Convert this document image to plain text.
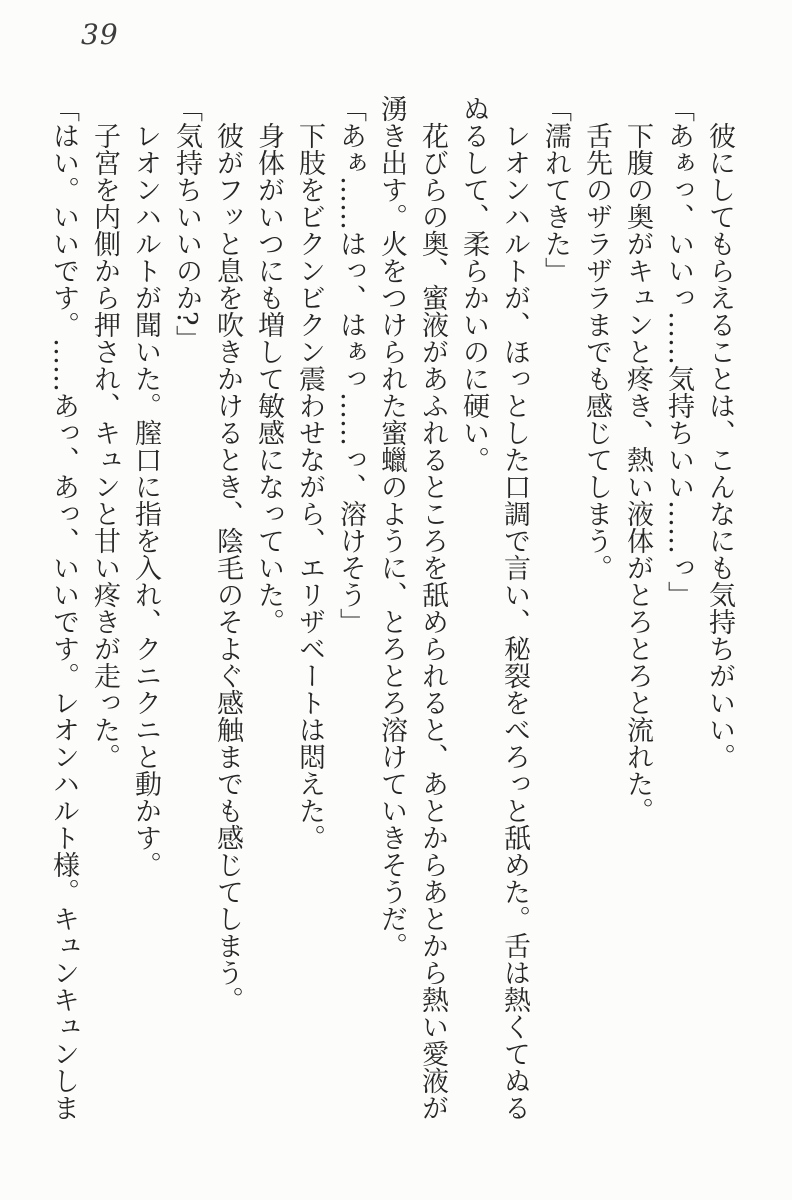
39

彼にしてもらえることは、こんなにも気持ちがいい。

「あぁっ、いいっ……気持ちいい……っ」

下腹の奥がキュンと疼き、熱い液体がとろとろと流れた。

舌先のザラザラまでも感じてしまう。

「濡れてきた」

レオンハルトが、ほっとした口調で言い、秘裂をべろっと舐めた。舌は熱くてぬるぬるして、柔らかいのに硬い。

花びらの奥、蜜液があふれるところを舐められると、あとからあとから熱い愛液が湧き出す。火をつけられた蜜蠟のように、とろとろ溶けていきそうだ。

「あぁ……はっ、はぁっ……っ、溶けそう」

下肢をビクンビクン震わせながら、エリザベートは悶えた。

身体がいつにも増して敏感になっていた。

彼がフッと息を吹きかけるとき、陰毛のそよぐ感触までも感じてしまう。

「気持ちいいのか?」

レオンハルトが聞いた。膣口に指を入れ、クニクニと動かす。

子宮を内側から押され、キュンと甘い疼きが走った。

「はい。いいです。……あっ、あっ、いいです。レオンハルト様。キュンキュンしま
